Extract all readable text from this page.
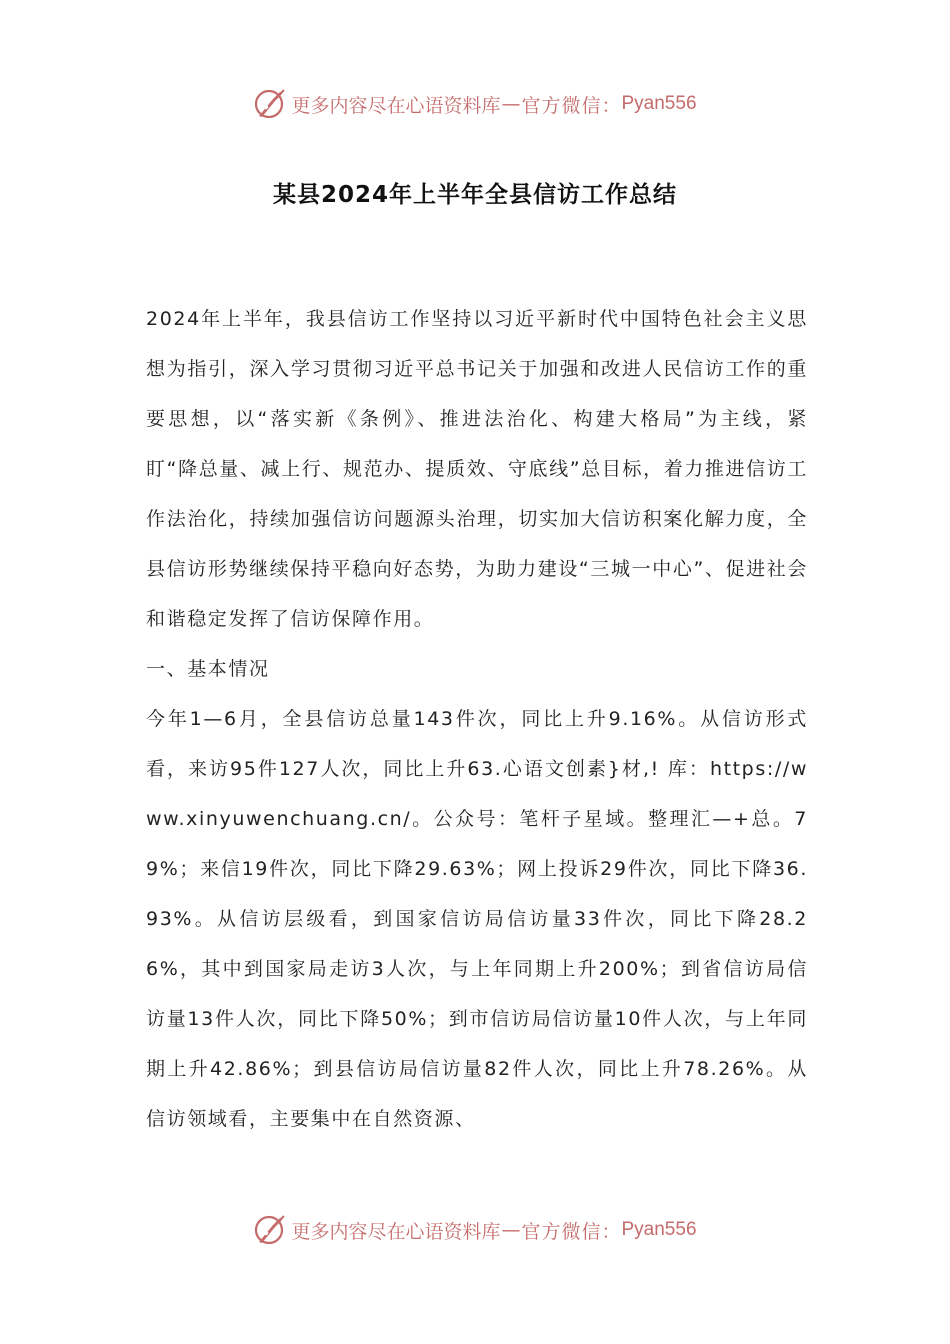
更多内容尽在心语资料库 — 官方微信： Pyan556
某县2024年上半年全县信访工作总结

2024年上半年，我县信访工作坚持以习近平新时代中国特色社会主义思想为指引，深入学习贯彻习近平总书记关于加强和改进人民信访工作的重要思想，以“落实新《条例》、推进法治化、构建大格局”为主线，紧盯“降总量、减上行、规范办、提质效、守底线”总目标，着力推进信访工作法治化，持续加强信访问题源头治理，切实加大信访积案化解力度，全县信访形势继续保持平稳向好态势，为助力建设“三城一中心”、促进社会和谐稳定发挥了信访保障作用。

一、基本情况

今年1—6月，全县信访总量143件次，同比上升9.16%。从信访形式看，来访95件127人次，同比上升63.心语文创素}材,! 库：https://www.xinyuwenchuang.cn/。公众号：笔杆子星域。整理汇—+总。79%；来信19件次，同比下降29.63%；网上投诉29件次，同比下降36.93%。从信访层级看，到国家信访局信访量33件次，同比下降28.26%，其中到国家局走访3人次，与上年同期上升200%；到省信访局信访量13件人次，同比下降50%；到市信访局信访量10件人次，与上年同期上升42.86%；到县信访局信访量82件人次，同比上升78.26%。从信访领域看，主要集中在自然资源、

更多内容尽在心语资料库 — 官方微信： Pyan556
